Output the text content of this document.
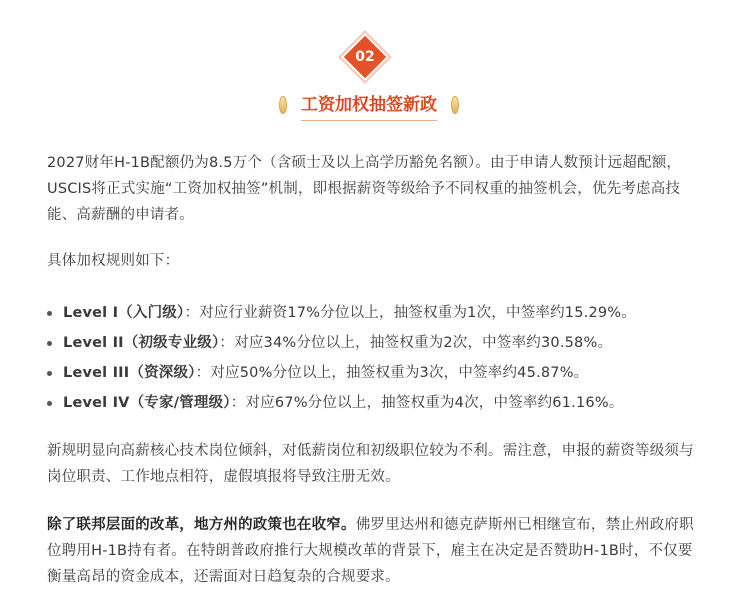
02
工资加权抽签新政

2027财年H-1B配额仍为8.5万个（含硕士及以上高学历豁免名额）。由于申请人数预计远超配额，USCIS将正式实施“工资加权抽签”机制，即根据薪资等级给予不同权重的抽签机会，优先考虑高技能、高薪酬的申请者。

具体加权规则如下：

Level I（入门级）：对应行业薪资17%分位以上，抽签权重为1次，中签率约15.29%。
Level II（初级专业级）：对应34%分位以上，抽签权重为2次，中签率约30.58%。
Level III（资深级）：对应50%分位以上，抽签权重为3次，中签率约45.87%。
Level IV（专家/管理级）：对应67%分位以上，抽签权重为4次，中签率约61.16%。

新规明显向高薪核心技术岗位倾斜，对低薪岗位和初级职位较为不利。需注意，申报的薪资等级须与岗位职责、工作地点相符，虚假填报将导致注册无效。

除了联邦层面的改革，地方州的政策也在收窄。佛罗里达州和德克萨斯州已相继宣布，禁止州政府职位聘用H-1B持有者。在特朗普政府推行大规模改革的背景下，雇主在决定是否赞助H-1B时，不仅要衡量高昂的资金成本，还需面对日趋复杂的合规要求。
